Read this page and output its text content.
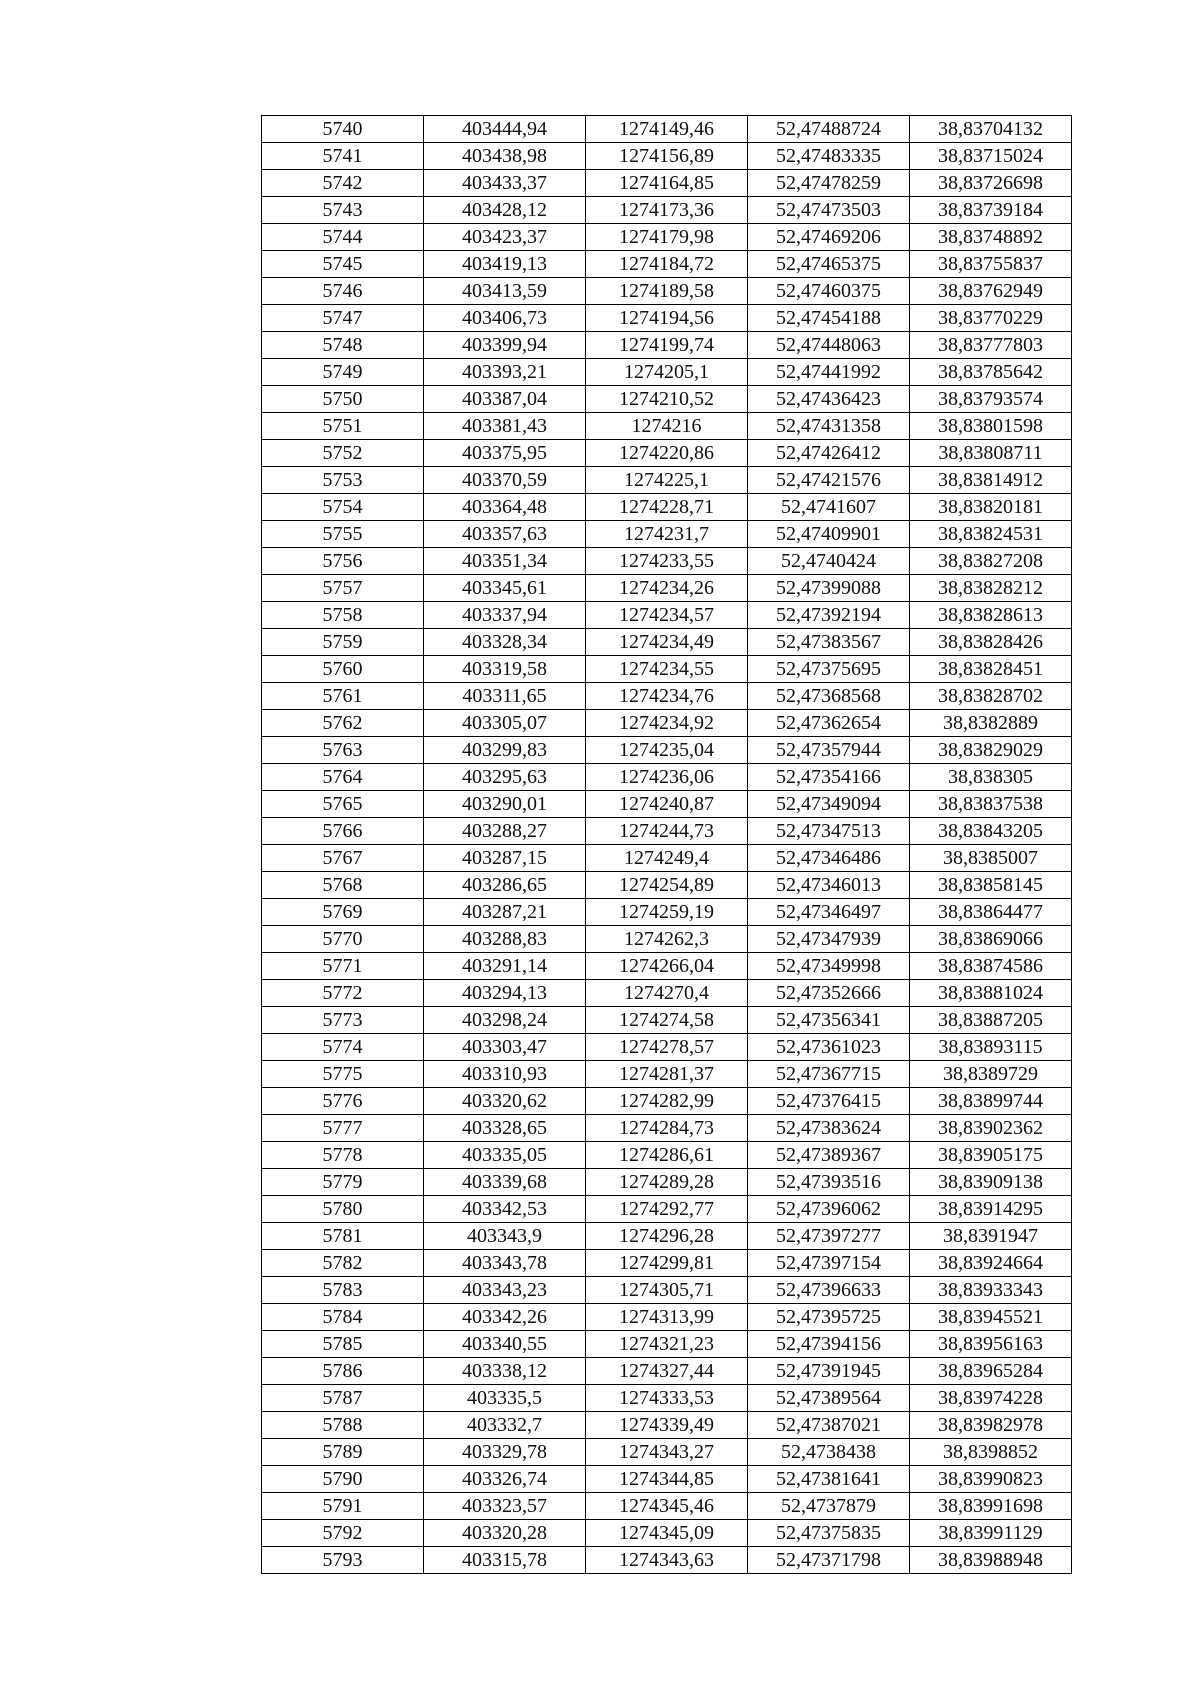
5740	403444,94	1274149,46	52,47488724	38,83704132
5741	403438,98	1274156,89	52,47483335	38,83715024
5742	403433,37	1274164,85	52,47478259	38,83726698
5743	403428,12	1274173,36	52,47473503	38,83739184
5744	403423,37	1274179,98	52,47469206	38,83748892
5745	403419,13	1274184,72	52,47465375	38,83755837
5746	403413,59	1274189,58	52,47460375	38,83762949
5747	403406,73	1274194,56	52,47454188	38,83770229
5748	403399,94	1274199,74	52,47448063	38,83777803
5749	403393,21	1274205,1	52,47441992	38,83785642
5750	403387,04	1274210,52	52,47436423	38,83793574
5751	403381,43	1274216	52,47431358	38,83801598
5752	403375,95	1274220,86	52,47426412	38,83808711
5753	403370,59	1274225,1	52,47421576	38,83814912
5754	403364,48	1274228,71	52,4741607	38,83820181
5755	403357,63	1274231,7	52,47409901	38,83824531
5756	403351,34	1274233,55	52,4740424	38,83827208
5757	403345,61	1274234,26	52,47399088	38,83828212
5758	403337,94	1274234,57	52,47392194	38,83828613
5759	403328,34	1274234,49	52,47383567	38,83828426
5760	403319,58	1274234,55	52,47375695	38,83828451
5761	403311,65	1274234,76	52,47368568	38,83828702
5762	403305,07	1274234,92	52,47362654	38,8382889
5763	403299,83	1274235,04	52,47357944	38,83829029
5764	403295,63	1274236,06	52,47354166	38,838305
5765	403290,01	1274240,87	52,47349094	38,83837538
5766	403288,27	1274244,73	52,47347513	38,83843205
5767	403287,15	1274249,4	52,47346486	38,8385007
5768	403286,65	1274254,89	52,47346013	38,83858145
5769	403287,21	1274259,19	52,47346497	38,83864477
5770	403288,83	1274262,3	52,47347939	38,83869066
5771	403291,14	1274266,04	52,47349998	38,83874586
5772	403294,13	1274270,4	52,47352666	38,83881024
5773	403298,24	1274274,58	52,47356341	38,83887205
5774	403303,47	1274278,57	52,47361023	38,83893115
5775	403310,93	1274281,37	52,47367715	38,8389729
5776	403320,62	1274282,99	52,47376415	38,83899744
5777	403328,65	1274284,73	52,47383624	38,83902362
5778	403335,05	1274286,61	52,47389367	38,83905175
5779	403339,68	1274289,28	52,47393516	38,83909138
5780	403342,53	1274292,77	52,47396062	38,83914295
5781	403343,9	1274296,28	52,47397277	38,8391947
5782	403343,78	1274299,81	52,47397154	38,83924664
5783	403343,23	1274305,71	52,47396633	38,83933343
5784	403342,26	1274313,99	52,47395725	38,83945521
5785	403340,55	1274321,23	52,47394156	38,83956163
5786	403338,12	1274327,44	52,47391945	38,83965284
5787	403335,5	1274333,53	52,47389564	38,83974228
5788	403332,7	1274339,49	52,47387021	38,83982978
5789	403329,78	1274343,27	52,4738438	38,8398852
5790	403326,74	1274344,85	52,47381641	38,83990823
5791	403323,57	1274345,46	52,4737879	38,83991698
5792	403320,28	1274345,09	52,47375835	38,83991129
5793	403315,78	1274343,63	52,47371798	38,83988948
